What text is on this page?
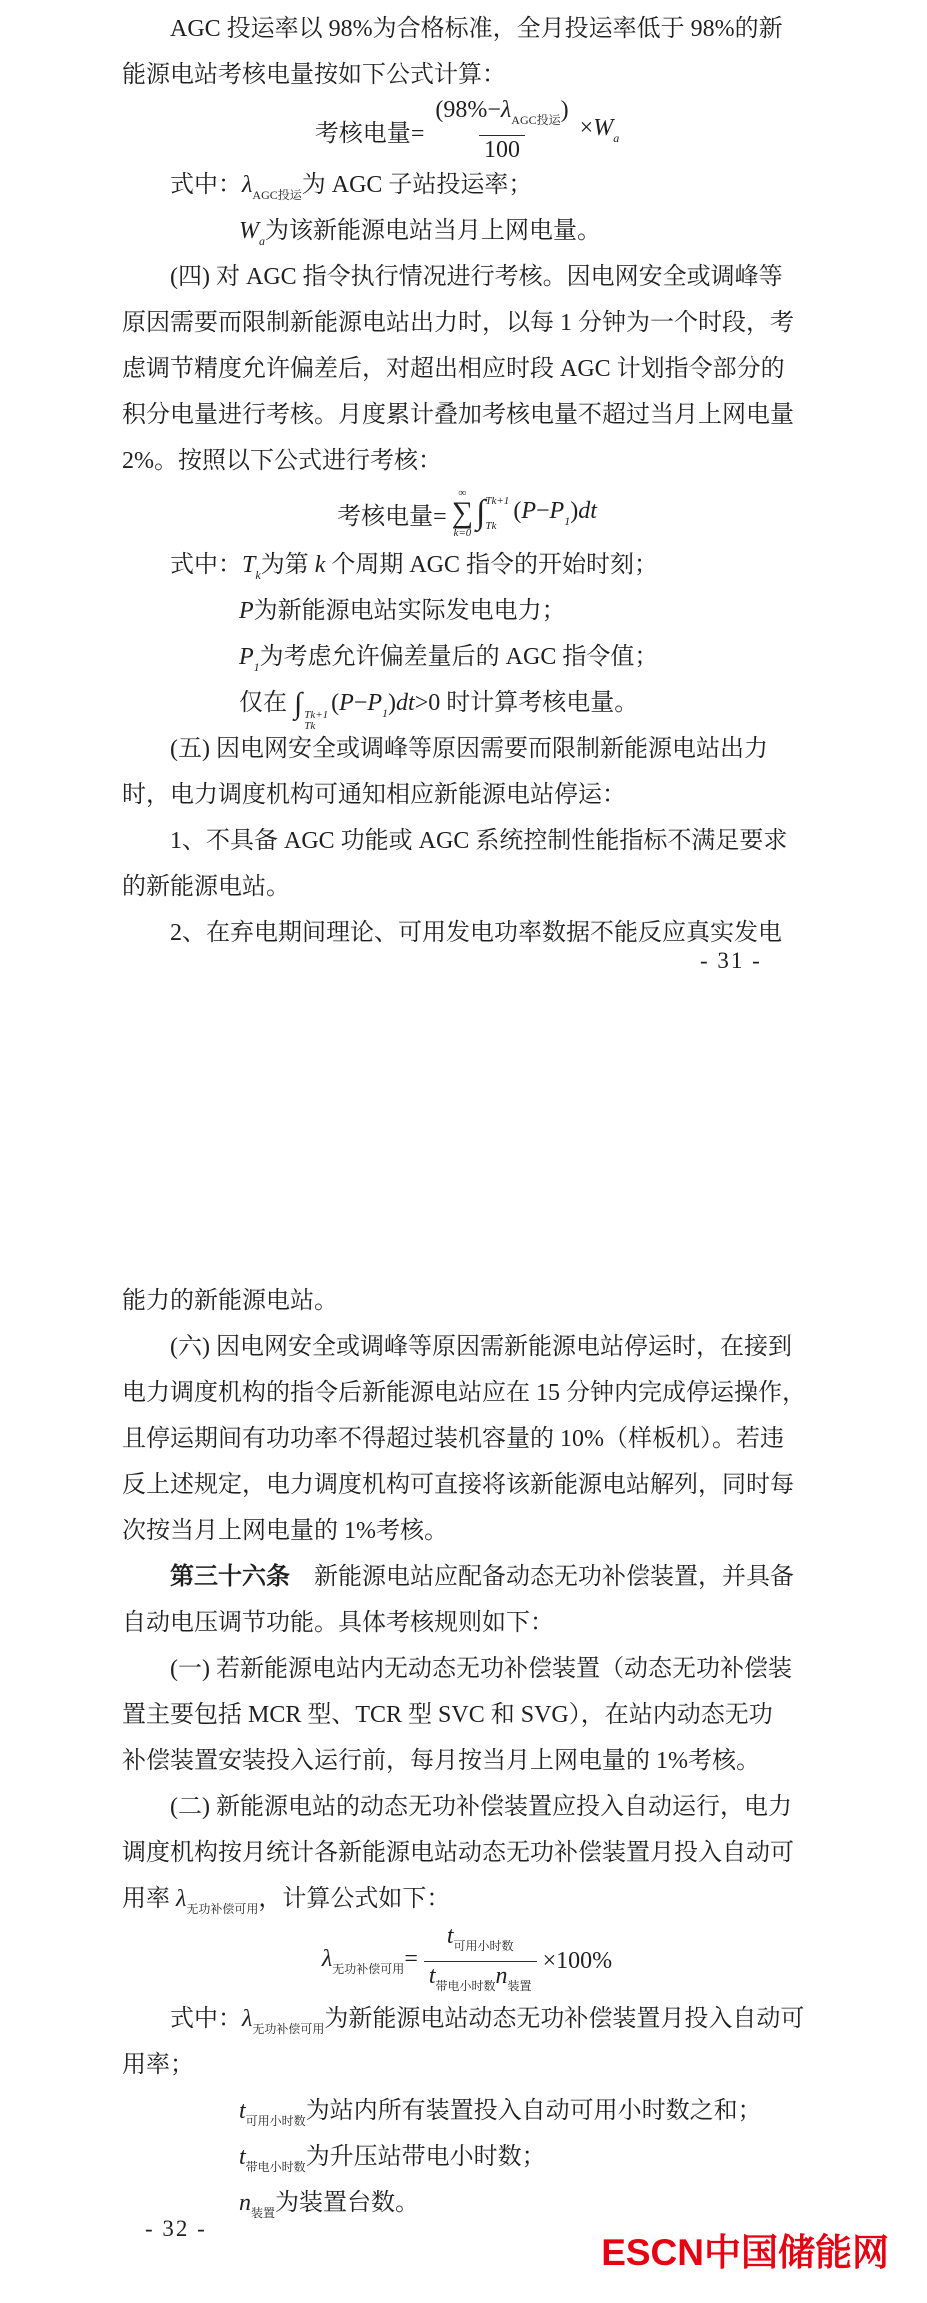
AGC 投运率以 98%为合格标准，全月投运率低于 98%的新
能源电站考核电量按如下公式计算：
考核电量= $\frac{(98\%-\lambda_{AGC投运})}{100} \times W_a$
式中：$\lambda_{AGC投运}$为 AGC 子站投运率；
$W_a$为该新能源电站当月上网电量。
(四) 对 AGC 指令执行情况进行考核。因电网安全或调峰等
原因需要而限制新能源电站出力时，以每 1 分钟为一个时段，考
虑调节精度允许偏差后，对超出相应时段 AGC 计划指令部分的
积分电量进行考核。月度累计叠加考核电量不超过当月上网电量
2%。按照以下公式进行考核：
考核电量=
∞
∑
k=0
∫ Tk+1
Tk
$(P-P_1)dt$
式中：$T_k$为第 k 个周期 AGC 指令的开始时刻；
P为新能源电站实际发电电力；
$P_1$为考虑允许偏差量后的 AGC 指令值；
仅在 ∫ Tk+1
Tk
$(P-P_1)dt>0$ 时计算考核电量。
(五) 因电网安全或调峰等原因需要而限制新能源电站出力
时，电力调度机构可通知相应新能源电站停运：
1、不具备 AGC 功能或 AGC 系统控制性能指标不满足要求
的新能源电站。
2、在弃电期间理论、可用发电功率数据不能反应真实发电
- 31 -
能力的新能源电站。
(六) 因电网安全或调峰等原因需新能源电站停运时，在接到
电力调度机构的指令后新能源电站应在 15 分钟内完成停运操作，
且停运期间有功功率不得超过装机容量的 10%（样板机）。若违
反上述规定，电力调度机构可直接将该新能源电站解列，同时每
次按当月上网电量的 1%考核。
第三十六条　新能源电站应配备动态无功补偿装置，并具备
自动电压调节功能。具体考核规则如下：
(一) 若新能源电站内无动态无功补偿装置（动态无功补偿装
置主要包括 MCR 型、TCR 型 SVC 和 SVG），在站内动态无功
补偿装置安装投入运行前，每月按当月上网电量的 1%考核。
(二) 新能源电站的动态无功补偿装置应投入自动运行，电力
调度机构按月统计各新能源电站动态无功补偿装置月投入自动可
用率 $\lambda_{无功补偿可用}$，计算公式如下：
$\lambda_{无功补偿可用}= \frac{t_{可用小时数}}{t_{带电小时数}n_{装置}} \times 100\%$
式中：$\lambda_{无功补偿可用}$为新能源电站动态无功补偿装置月投入自动可
用率；
$t_{可用小时数}$为站内所有装置投入自动可用小时数之和；
$t_{带电小时数}$为升压站带电小时数；
$n_{装置}$为装置台数。
- 32 -
ESCN中国储能网
